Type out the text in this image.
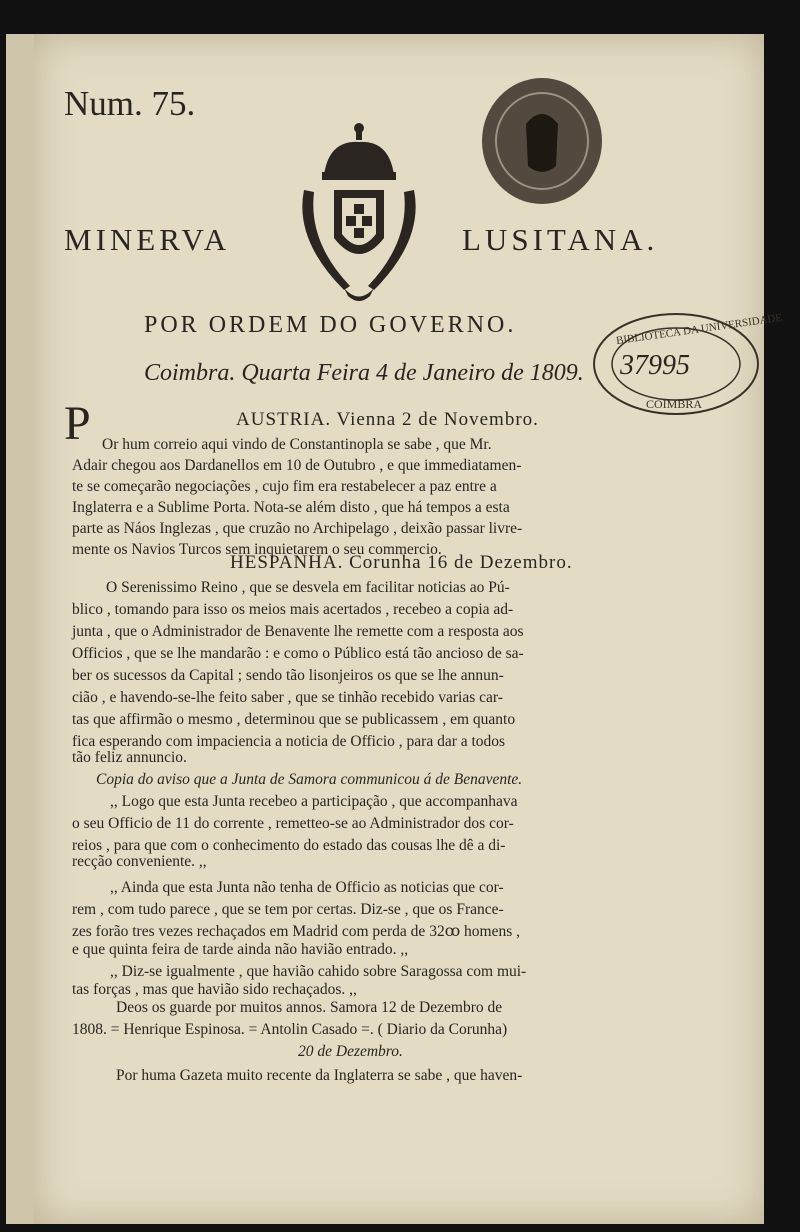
BIBLIOTECA DA UNIVERSIDADE
COIMBRA
37995
Num. 75.
MINERVA	LUSITANA.
POR ORDEM DO GOVERNO.
Coimbra. Quarta Feira 4 de Janeiro de 1809.
P	AUSTRIA. Vienna 2 de Novembro.
Or hum correio aqui vindo de Constantinopla se sabe , que Mr.
Adair chegou aos Dardanellos em 10 de Outubro , e que immediatamen-
te se começarão negociações , cujo fim era restabelecer a paz entre a
Inglaterra e a Sublime Porta. Nota-se além disto , que há tempos a esta
parte as Náos Inglezas , que cruzão no Archipelago , deixão passar livre-
mente os Navios Turcos sem inquietarem o seu commercio.
HESPANHA. Corunha 16 de Dezembro.
O Serenissimo Reino , que se desvela em facilitar noticias ao Pú-
blico , tomando para isso os meios mais acertados , recebeo a copia ad-
junta , que o Administrador de Benavente lhe remette com a resposta aos
Officios , que se lhe mandarão : e como o Público está tão ancioso de sa-
ber os sucessos da Capital ; sendo tão lisonjeiros os que se lhe annun-
cião , e havendo-se-lhe feito saber , que se tinhão recebido varias car-
tas que affirmão o mesmo , determinou que se publicassem , em quanto
fica esperando com impaciencia a noticia de Officio , para dar a todos
tão feliz annuncio.
Copia do aviso que a Junta de Samora communicou á de Benavente.
,, Logo que esta Junta recebeo a participação , que accompanhava
o seu Officio de 11 do corrente , remetteo-se ao Administrador dos cor-
reios , para que com o conhecimento do estado das cousas lhe dê a di-
recção conveniente. ,,
,, Ainda que esta Junta não tenha de Officio as noticias que cor-
rem , com tudo parece , que se tem por certas. Diz-se , que os France-
zes forão tres vezes rechaçados em Madrid com perda de 32ꝏ homens ,
e que quinta feira de tarde ainda não havião entrado. ,,
,, Diz-se igualmente , que havião cahido sobre Saragossa com mui-
tas forças , mas que havião sido rechaçados. ,,
Deos os guarde por muitos annos. Samora 12 de Dezembro de
1808. = Henrique Espinosa. = Antolin Casado =. ( Diario da Corunha)
20 de Dezembro.
Por huma Gazeta muito recente da Inglaterra se sabe , que haven-
